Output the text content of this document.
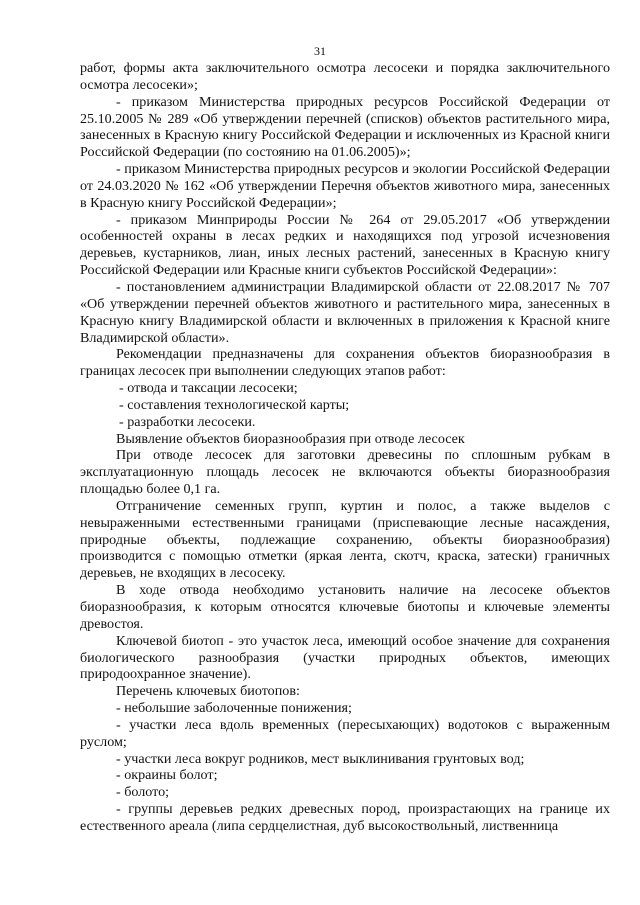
31

работ, формы акта заключительного осмотра лесосеки и порядка заключительного осмотра лесосеки»;

- приказом Министерства природных ресурсов Российской Федерации от 25.10.2005 № 289 «Об утверждении перечней (списков) объектов растительного мира, занесенных в Красную книгу Российской Федерации и исключенных из Красной книги Российской Федерации (по состоянию на 01.06.2005)»;

- приказом Министерства природных ресурсов и экологии Российской Федерации от 24.03.2020 № 162 «Об утверждении Перечня объектов животного мира, занесенных в Красную книгу Российской Федерации»;

- приказом Минприроды России № 264 от 29.05.2017 «Об утверждении особенностей охраны в лесах редких и находящихся под угрозой исчезновения деревьев, кустарников, лиан, иных лесных растений, занесенных в Красную книгу Российской Федерации или Красные книги субъектов Российской Федерации»:

- постановлением администрации Владимирской области от 22.08.2017 № 707 «Об утверждении перечней объектов животного и растительного мира, занесенных в Красную книгу Владимирской области и включенных в приложения к Красной книге Владимирской области».

Рекомендации предназначены для сохранения объектов биоразнообразия в границах лесосек при выполнении следующих этапов работ:

- отвода и таксации лесосеки;

- составления технологической карты;

- разработки лесосеки.

Выявление объектов биоразнообразия при отводе лесосек

При отводе лесосек для заготовки древесины по сплошным рубкам в эксплуатационную площадь лесосек не включаются объекты биоразнообразия площадью более 0,1 га.

Отграничение семенных групп, куртин и полос, а также выделов с невыраженными естественными границами (приспевающие лесные насаждения, природные объекты, подлежащие сохранению, объекты биоразнообразия) производится с помощью отметки (яркая лента, скотч, краска, затески) граничных деревьев, не входящих в лесосеку.

В ходе отвода необходимо установить наличие на лесосеке объектов биоразнообразия, к которым относятся ключевые биотопы и ключевые элементы древостоя.

Ключевой биотоп - это участок леса, имеющий особое значение для сохранения биологического разнообразия (участки природных объектов, имеющих природоохранное значение).

Перечень ключевых биотопов:

- небольшие заболоченные понижения;

- участки леса вдоль временных (пересыхающих) водотоков с выраженным руслом;

- участки леса вокруг родников, мест выклинивания грунтовых вод;

- окраины болот;

- болото;

- группы деревьев редких древесных пород, произрастающих на границе их естественного ареала (липа сердцелистная, дуб высокоствольный, лиственница
